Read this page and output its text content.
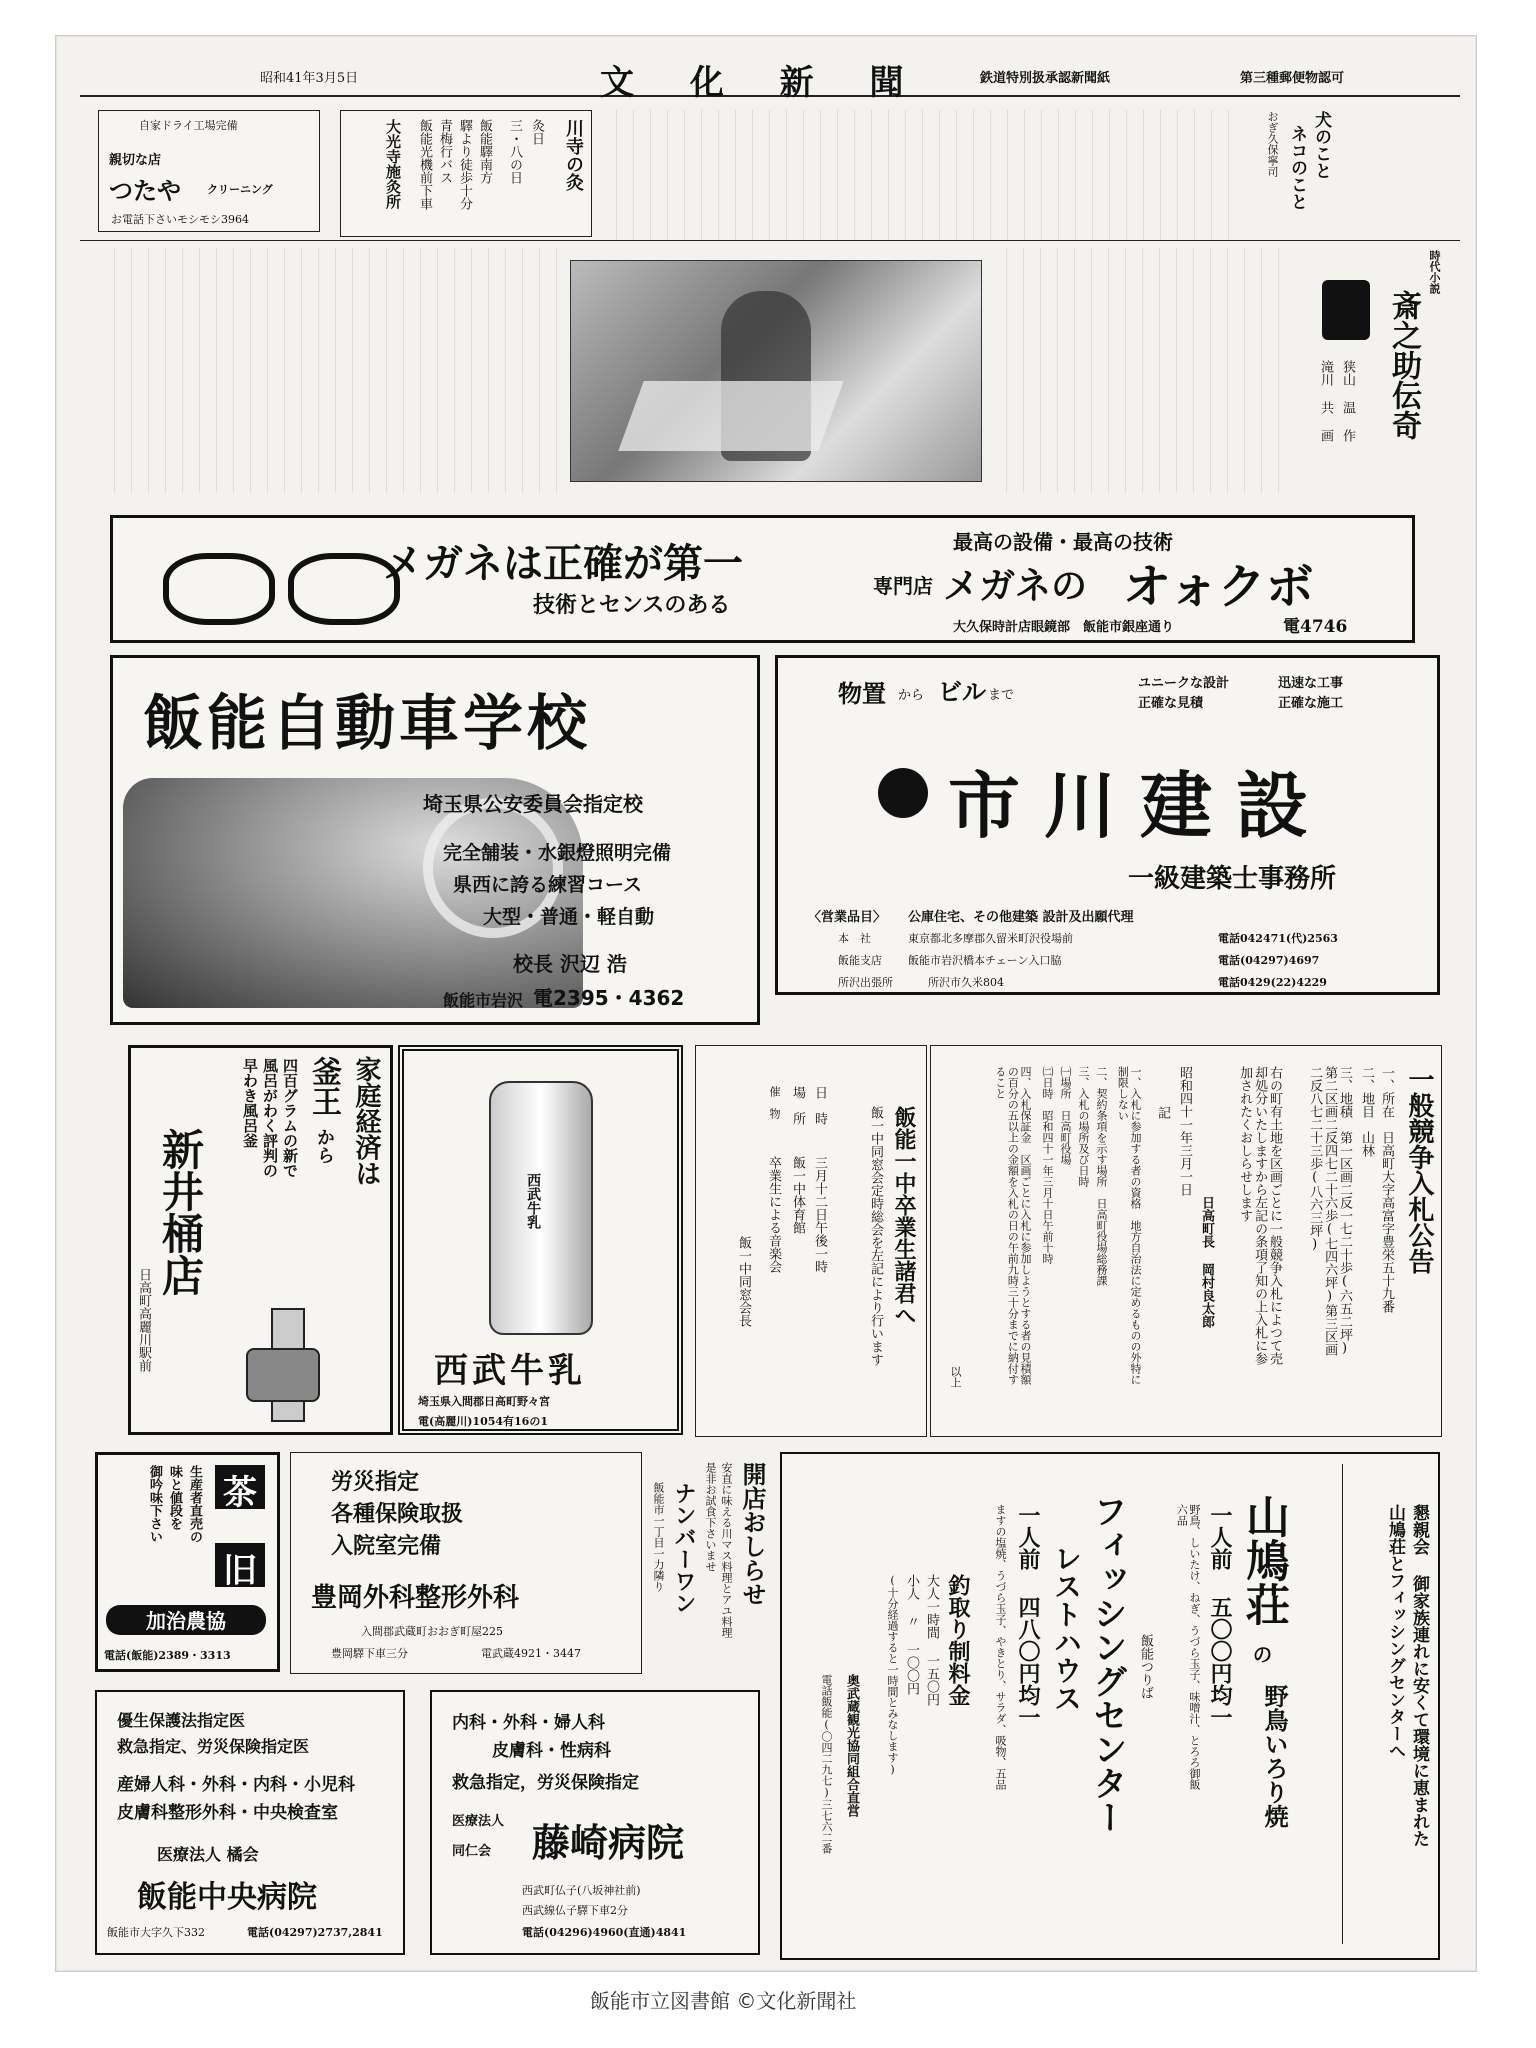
昭和41年3月5日	文 化 新 聞	鉄道特別扱承認新聞紙	第三種郵便物認可
自家ドライ工場完備
親切な店
つたや クリーニング
お電話下さいモシモシ3964
川寺の灸
灸日
三・八の日
飯能驛南方
驛より徒歩十分
青梅行バス
飯能光機前下車
大光寺施灸所	犬のこと
ネコのこと
おぎ久保寧司
時代小説
斎之助伝奇
狭山 温 作
滝川 共 画
メガネは正確が第一
技術とセンスのある
最高の設備・最高の技術
専門店 メガネの オォクボ
大久保時計店眼鏡部　飯能市銀座通り	電4746
飯能自動車学校
埼玉県公安委員会指定校
完全舗装・水銀燈照明完備
県西に誇る練習コース
大型・普通・軽自動
校長 沢辺 浩
飯能市岩沢 電2395・4362
物置 から ビル まで
ユニークな設計
正確な見積
迅速な工事
正確な施工
市川建設
一級建築士事務所
〈営業品目〉 公庫住宅、その他建築 設計及出願代理
本　社	東京都北多摩郡久留米町沢役場前	電話042471(代)2563
飯能支店 飯能市岩沢橋本チェーン入口脇	電話(04297)4697
所沢出張所	所沢市久米804	電話0429(22)4229
家庭経済は
釜王
から
四百グラムの新で
風呂がわく評判の
早わき風呂釜
新井桶店
日高町高麗川駅前
西武牛乳
西武牛乳
埼玉県入間郡日高町野々宮
電(高麗川)1054有16の1
飯能一中卒業生諸君へ
飯一中同窓会定時総会を左記により行います
日　時
三月十二日午後一時
場　所
飯一中体育館
催　物
卒業生による音楽会
飯一中同窓会長
一般競争入札公告
一、所在　日高町大字高富字豊栄五十九番
二、地目　山林
三、地積　第一区画二反一七二十歩(六五二坪)第二区画二反四七二十六歩(七四六坪)第三区画二反八七二十三歩(八六三坪)
右の町有土地を区画ごとに一般競争入札によつて売却処分いたしますから左記の条項了知の上入札に参加されたくおしらせします
昭和四十一年三月一日
日高町長 岡村良太郎
記
一、入札に参加する者の資格　地方自治法に定めるものの外特に制限しない
二、契約条項を示す場所　日高町役場総務課
三、入札の場所及び日時
㈠場所　日高町役場
㈡日時　昭和四十一年三月十日午前十時
四、入札保証金　区画ごとに入札に参加しようとする者の見積額の百分の五以上の金額を入札の日の午前九時三十分までに納付すること
以上
茶
旧
生産者直売の
味と値段を
御吟味下さい
加治農協
電話(飯能)2389・3313
労災指定
各種保険取扱
入院室完備
豊岡外科整形外科
入間郡武蔵町おおぎ町屋225
豊岡驛下車三分	電武蔵4921・3447
開店おしらせ
安直に味える川マス料理とアユ料理
是非お試食下さいませ
ナンバーワン
飯能市一丁目一力隣り
優生保護法指定医
救急指定、労災保険指定医
産婦人科・外科・内科・小児科
皮膚科整形外科・中央検査室
医療法人 橘会
飯能中央病院
飯能市大字久下332	電話(04297)2737,2841
内科・外科・婦人科
皮膚科・性病科
救急指定，労災保険指定
医療法人
同仁会 藤崎病院
西武町仏子(八坂神社前)
西武線仏子驛下車2分
電話(04296)4960(直通)4841
懇親会 御家族連れに安くて環境に恵まれた
山鳩荘とフィッシングセンターへ
山鳩荘
の
野鳥いろり焼
一人前 五〇〇円均一
野鳥、しいたけ、ねぎ、うづら玉子、味噌汁、とろろ御飯 六品
飯能つりば
フィッシングセンター
レストハウス
一人前 四八〇円均一
ますの塩焼、うづら玉子、やきとり、サラダ、吸物、五品
釣取り制料金
大人一時間 一五〇円
小人 〃 一〇〇円
(十分経過すると一時間とみなします)
奥武蔵観光協同組合直営
電話飯能(〇四二九七)三七六二番
飯能市立図書館 ©文化新聞社
